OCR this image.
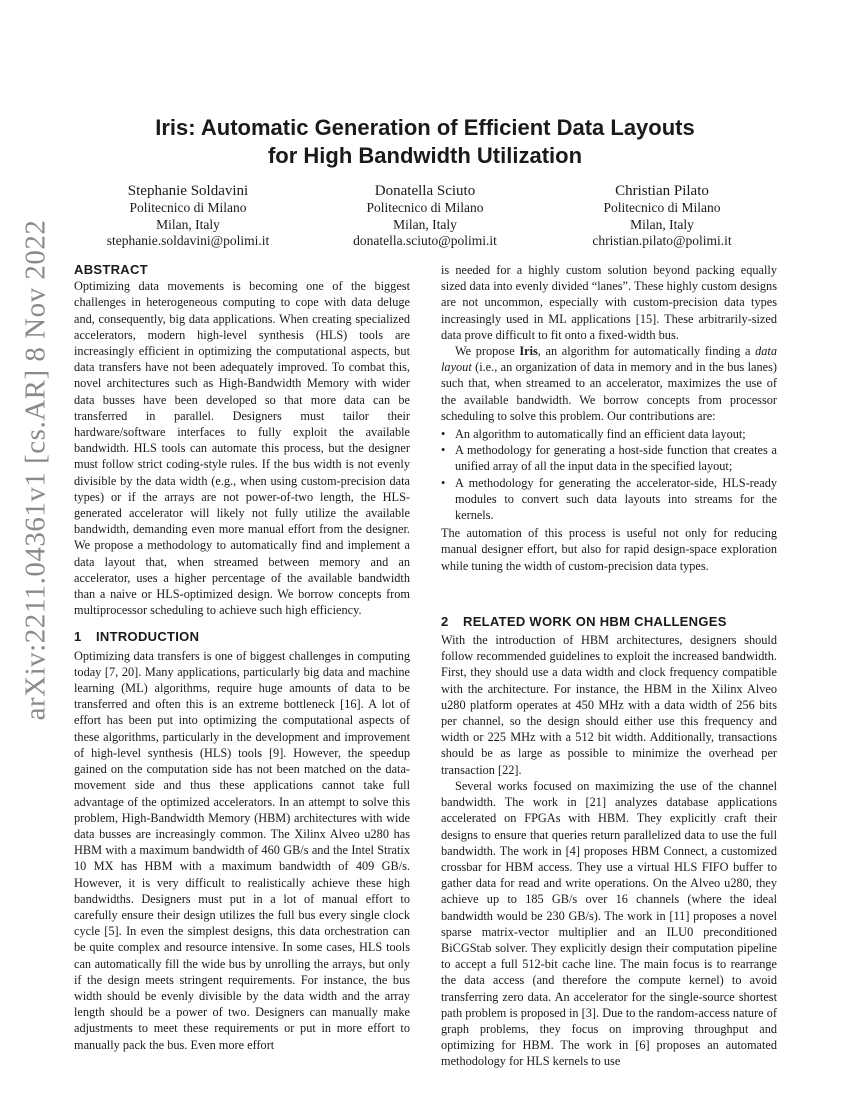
arXiv:2211.04361v1 [cs.AR] 8 Nov 2022
Iris: Automatic Generation of Efficient Data Layouts
for High Bandwidth Utilization
Stephanie Soldavini
Politecnico di Milano
Milan, Italy
stephanie.soldavini@polimi.it
Donatella Sciuto
Politecnico di Milano
Milan, Italy
donatella.sciuto@polimi.it
Christian Pilato
Politecnico di Milano
Milan, Italy
christian.pilato@polimi.it
ABSTRACT

Optimizing data movements is becoming one of the biggest challenges in heterogeneous computing to cope with data deluge and, consequently, big data applications. When creating specialized accelerators, modern high-level synthesis (HLS) tools are increasingly efficient in optimizing the computational aspects, but data transfers have not been adequately improved. To combat this, novel architectures such as High-Bandwidth Memory with wider data busses have been developed so that more data can be transferred in parallel. Designers must tailor their hardware/software interfaces to fully exploit the available bandwidth. HLS tools can automate this process, but the designer must follow strict coding-style rules. If the bus width is not evenly divisible by the data width (e.g., when using custom-precision data types) or if the arrays are not power-of-two length, the HLS-generated accelerator will likely not fully utilize the available bandwidth, demanding even more manual effort from the designer. We propose a methodology to automatically find and implement a data layout that, when streamed between memory and an accelerator, uses a higher percentage of the available bandwidth than a naive or HLS-optimized design. We borrow concepts from multiprocessor scheduling to achieve such high efficiency.

1 INTRODUCTION

Optimizing data transfers is one of biggest challenges in computing today [7, 20]. Many applications, particularly big data and machine learning (ML) algorithms, require huge amounts of data to be transferred and often this is an extreme bottleneck [16]. A lot of effort has been put into optimizing the computational aspects of these algorithms, particularly in the development and improvement of high-level synthesis (HLS) tools [9]. However, the speedup gained on the computation side has not been matched on the data-movement side and thus these applications cannot take full advantage of the optimized accelerators. In an attempt to solve this problem, High-Bandwidth Memory (HBM) architectures with wide data busses are increasingly common. The Xilinx Alveo u280 has HBM with a maximum bandwidth of 460 GB/s and the Intel Stratix 10 MX has HBM with a maximum bandwidth of 409 GB/s. However, it is very difficult to realistically achieve these high bandwidths. Designers must put in a lot of manual effort to carefully ensure their design utilizes the full bus every single clock cycle [5]. In even the simplest designs, this data orchestration can be quite complex and resource intensive. In some cases, HLS tools can automatically fill the wide bus by unrolling the arrays, but only if the design meets stringent requirements. For instance, the bus width should be evenly divisible by the data width and the array length should be a power of two. Designers can manually make adjustments to meet these requirements or put in more effort to manually pack the bus. Even more effort

is needed for a highly custom solution beyond packing equally sized data into evenly divided “lanes”. These highly custom designs are not uncommon, especially with custom-precision data types increasingly used in ML applications [15]. These arbitrarily-sized data prove difficult to fit onto a fixed-width bus.

We propose Iris, an algorithm for automatically finding a data layout (i.e., an organization of data in memory and in the bus lanes) such that, when streamed to an accelerator, maximizes the use of the available bandwidth. We borrow concepts from processor scheduling to solve this problem. Our contributions are:

• An algorithm to automatically find an efficient data layout;
• A methodology for generating a host-side function that creates a unified array of all the input data in the specified layout;
• A methodology for generating the accelerator-side, HLS-ready modules to convert such data layouts into streams for the kernels.

The automation of this process is useful not only for reducing manual designer effort, but also for rapid design-space exploration while tuning the width of custom-precision data types.

2 RELATED WORK ON HBM CHALLENGES

With the introduction of HBM architectures, designers should follow recommended guidelines to exploit the increased bandwidth. First, they should use a data width and clock frequency compatible with the architecture. For instance, the HBM in the Xilinx Alveo u280 platform operates at 450 MHz with a data width of 256 bits per channel, so the design should either use this frequency and width or 225 MHz with a 512 bit width. Additionally, transactions should be as large as possible to minimize the overhead per transaction [22].

Several works focused on maximizing the use of the channel bandwidth. The work in [21] analyzes database applications accelerated on FPGAs with HBM. They explicitly craft their designs to ensure that queries return parallelized data to use the full bandwidth. The work in [4] proposes HBM Connect, a customized crossbar for HBM access. They use a virtual HLS FIFO buffer to gather data for read and write operations. On the Alveo u280, they achieve up to 185 GB/s over 16 channels (where the ideal bandwidth would be 230 GB/s). The work in [11] proposes a novel sparse matrix-vector multiplier and an ILU0 preconditioned BiCGStab solver. They explicitly design their computation pipeline to accept a full 512-bit cache line. The main focus is to rearrange the data access (and therefore the compute kernel) to avoid transferring zero data. An accelerator for the single-source shortest path problem is proposed in [3]. Due to the random-access nature of graph problems, they focus on improving throughput and optimizing for HBM. The work in [6] proposes an automated methodology for HLS kernels to use
